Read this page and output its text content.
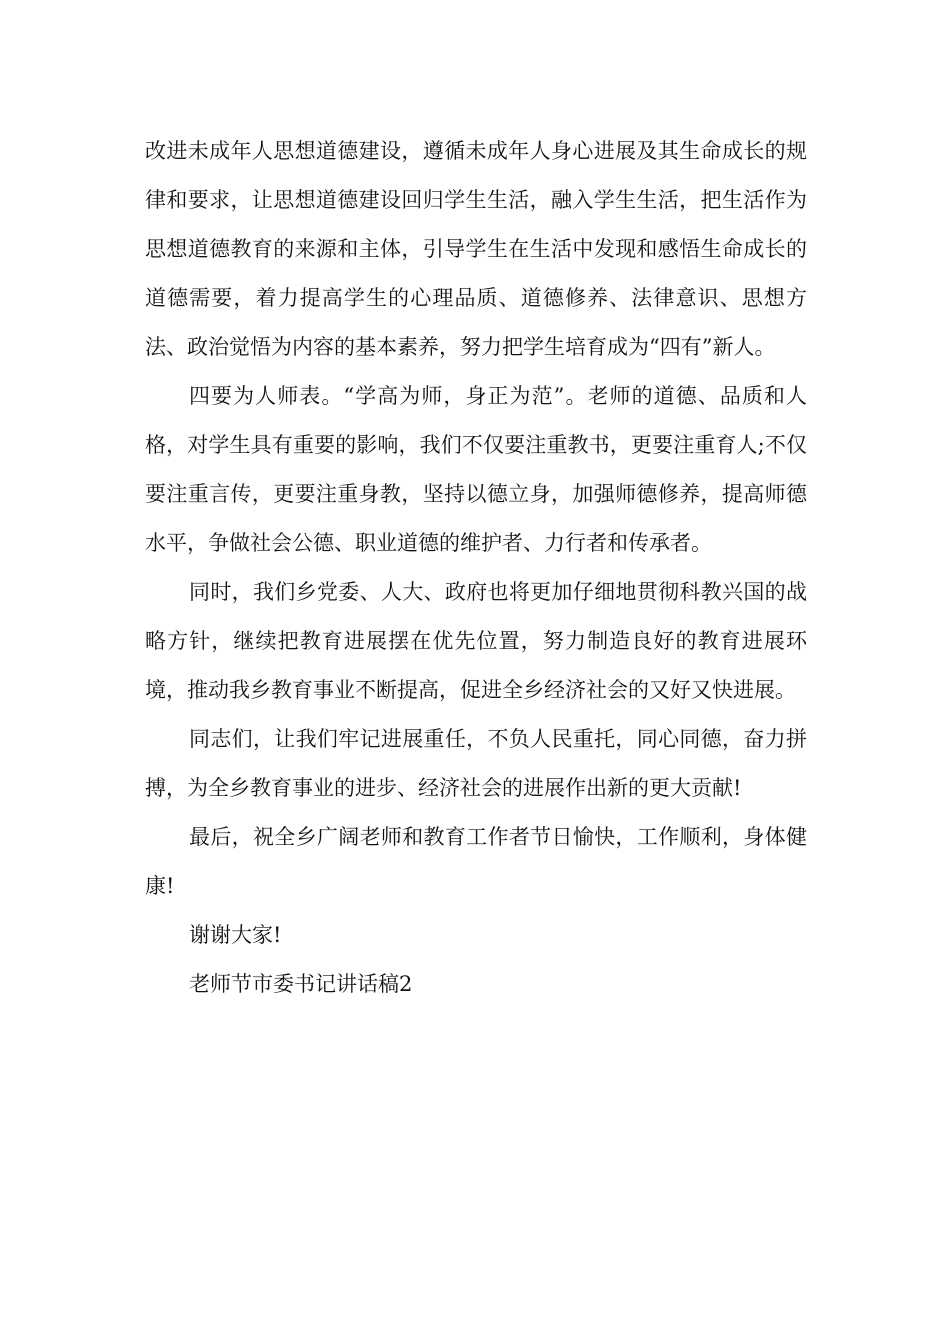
改进未成年人思想道德建设，遵循未成年人身心进展及其生命成长的规律和要求，让思想道德建设回归学生生活，融入学生生活，把生活作为思想道德教育的来源和主体，引导学生在生活中发现和感悟生命成长的道德需要，着力提高学生的心理品质、道德修养、法律意识、思想方法、政治觉悟为内容的基本素养，努力把学生培育成为“四有”新人。

四要为人师表。“学高为师，身正为范”。老师的道德、品质和人格，对学生具有重要的影响，我们不仅要注重教书，更要注重育人;不仅要注重言传，更要注重身教，坚持以德立身，加强师德修养，提高师德水平，争做社会公德、职业道德的维护者、力行者和传承者。

同时，我们乡党委、人大、政府也将更加仔细地贯彻科教兴国的战略方针，继续把教育进展摆在优先位置，努力制造良好的教育进展环境，推动我乡教育事业不断提高，促进全乡经济社会的又好又快进展。

同志们，让我们牢记进展重任，不负人民重托，同心同德，奋力拼搏，为全乡教育事业的进步、经济社会的进展作出新的更大贡献!

最后，祝全乡广阔老师和教育工作者节日愉快，工作顺利，身体健康!

谢谢大家!

老师节市委书记讲话稿2
